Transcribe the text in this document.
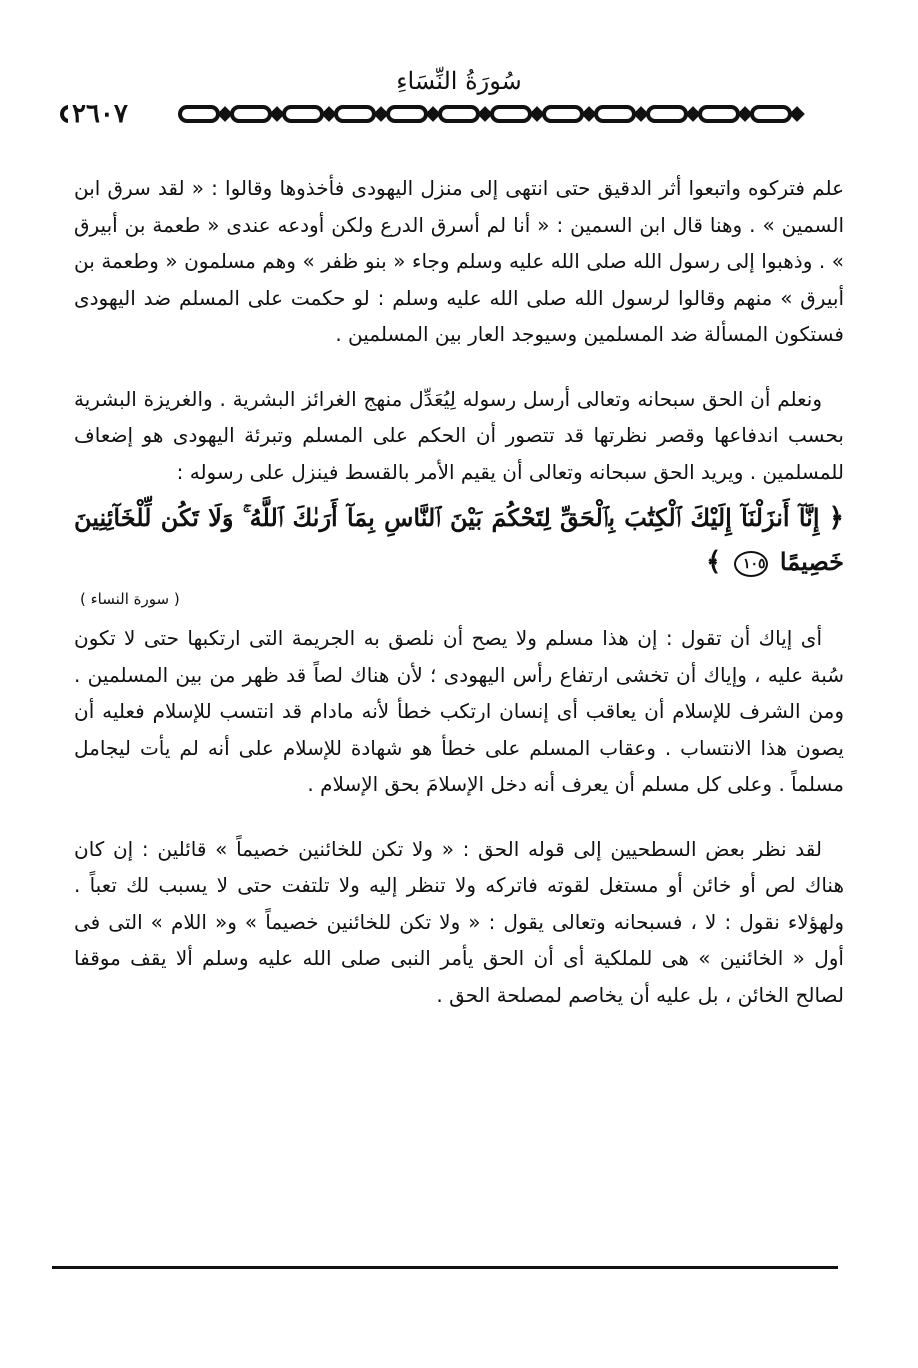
سُورَةُ النِّسَاءِ
٢٦٠٧

علم فتركوه واتبعوا أثر الدقيق حتى انتهى إلى منزل اليهودى فأخذوها وقالوا : « لقد سرق ابن السمين » . وهنا قال ابن السمين : « أنا لم أسرق الدرع ولكن أودعه عندى « طعمة بن أبيرق » . وذهبوا إلى رسول الله صلى الله عليه وسلم وجاء « بنو ظفر » وهم مسلمون « وطعمة بن أبيرق » منهم وقالوا لرسول الله صلى الله عليه وسلم : لو حكمت على المسلم ضد اليهودى فستكون المسألة ضد المسلمين وسيوجد العار بين المسلمين .

ونعلم أن الحق سبحانه وتعالى أرسل رسوله لِيُعَدِّل منهج الغرائز البشرية . والغريزة البشرية بحسب اندفاعها وقصر نظرتها قد تتصور أن الحكم على المسلم وتبرئة اليهودى هو إضعاف للمسلمين . ويريد الحق سبحانه وتعالى أن يقيم الأمر بالقسط فينزل على رسوله :

﴿ إِنَّآ أَنزَلْنَآ إِلَيْكَ ٱلْكِتَٰبَ بِٱلْحَقِّ لِتَحْكُمَ بَيْنَ ٱلنَّاسِ بِمَآ أَرَىٰكَ ٱللَّهُ ۚ وَلَا تَكُن لِّلْخَآئِنِينَ خَصِيمًا ١٠٥ ﴾

( سورة النساء )

أى إياك أن تقول : إن هذا مسلم ولا يصح أن نلصق به الجريمة التى ارتكبها حتى لا تكون سُبة عليه ، وإياك أن تخشى ارتفاع رأس اليهودى ؛ لأن هناك لصاً قد ظهر من بين المسلمين . ومن الشرف للإسلام أن يعاقب أى إنسان ارتكب خطأ لأنه مادام قد انتسب للإسلام فعليه أن يصون هذا الانتساب . وعقاب المسلم على خطأ هو شهادة للإسلام على أنه لم يأت ليجامل مسلماً . وعلى كل مسلم أن يعرف أنه دخل الإسلامَ بحق الإسلام .

لقد نظر بعض السطحيين إلى قوله الحق : « ولا تكن للخائنين خصيماً » قائلين : إن كان هناك لص أو خائن أو مستغل لقوته فاتركه ولا تنظر إليه ولا تلتفت حتى لا يسبب لك تعباً . ولهؤلاء نقول : لا ، فسبحانه وتعالى يقول : « ولا تكن للخائنين خصيماً » و« اللام » التى فى أول « الخائنين » هى للملكية أى أن الحق يأمر النبى صلى الله عليه وسلم ألا يقف موقفا لصالح الخائن ، بل عليه أن يخاصم لمصلحة الحق .
